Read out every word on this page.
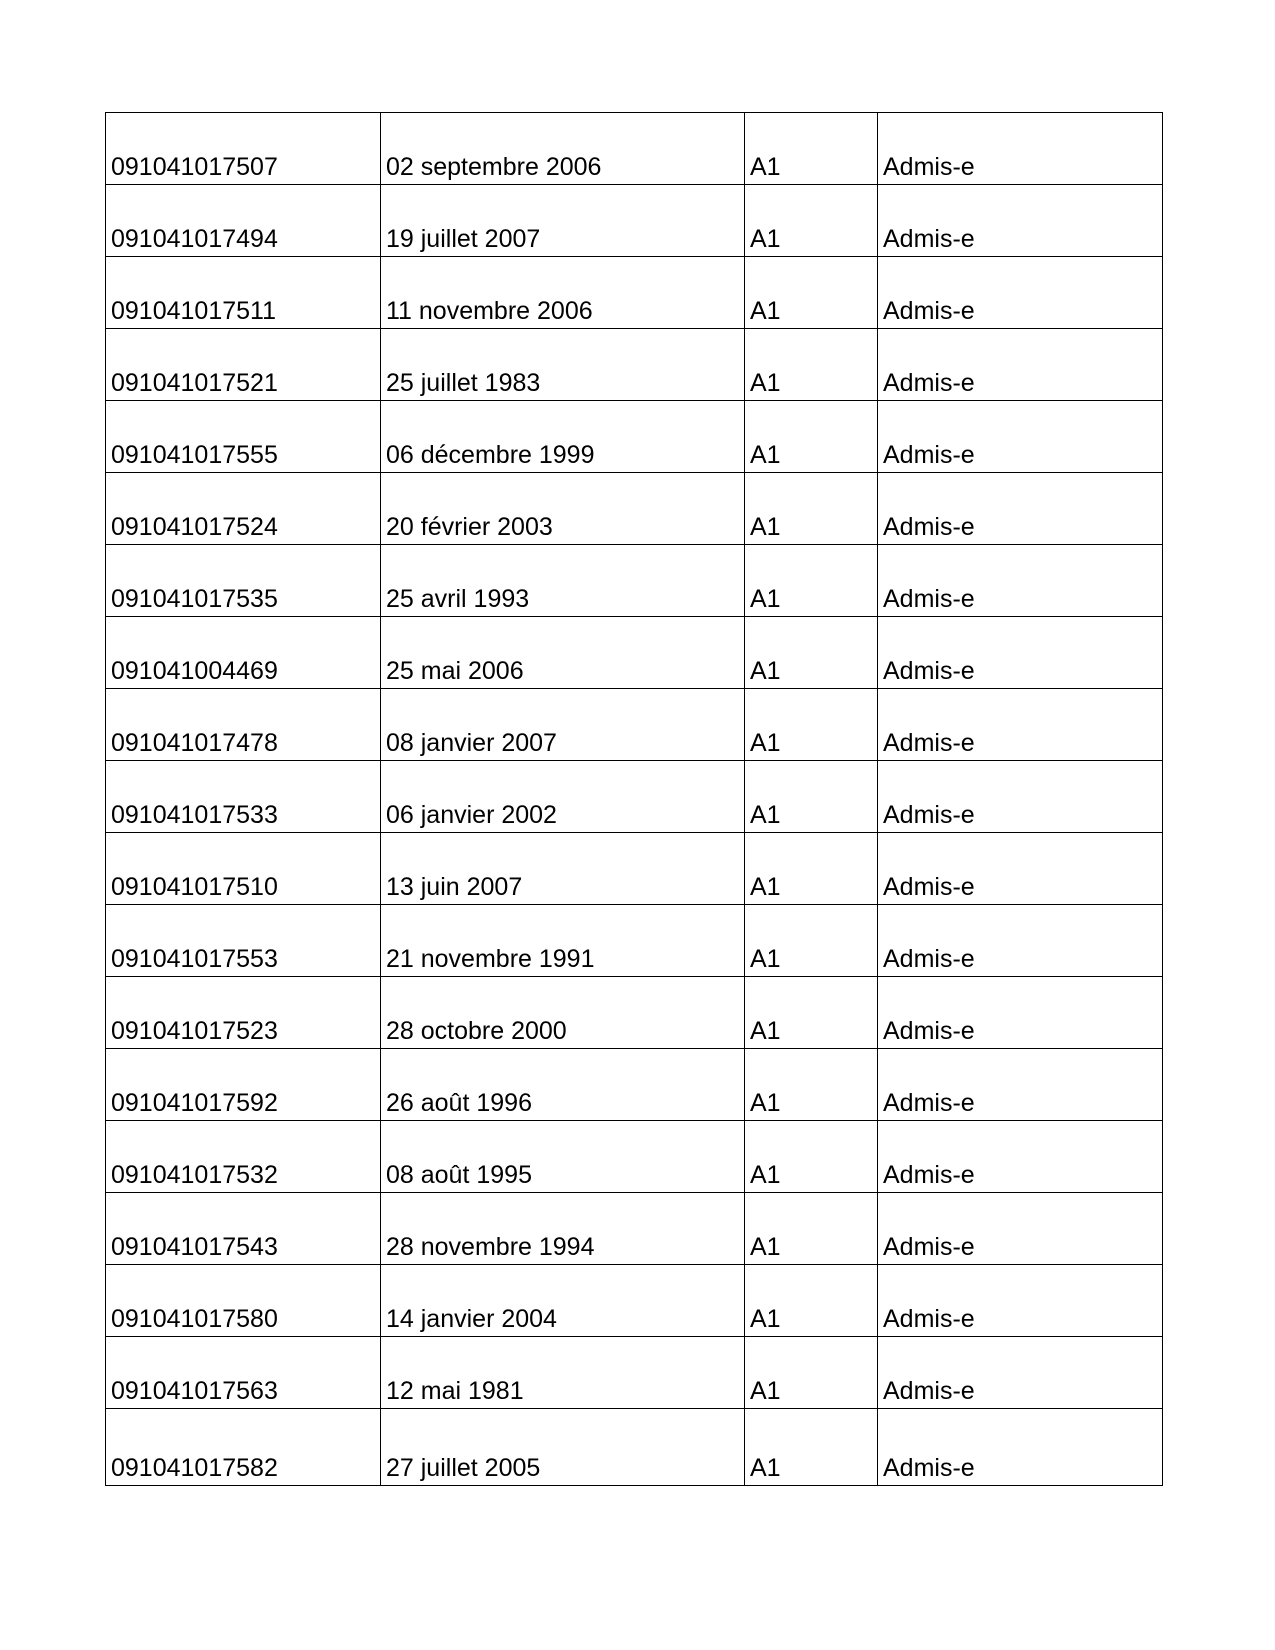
091041017507	02 septembre 2006	A1	Admis-e
091041017494	19 juillet 2007	A1	Admis-e
091041017511	11 novembre 2006	A1	Admis-e
091041017521	25 juillet 1983	A1	Admis-e
091041017555	06 décembre 1999	A1	Admis-e
091041017524	20 février 2003	A1	Admis-e
091041017535	25 avril 1993	A1	Admis-e
091041004469	25 mai 2006	A1	Admis-e
091041017478	08 janvier 2007	A1	Admis-e
091041017533	06 janvier 2002	A1	Admis-e
091041017510	13 juin 2007	A1	Admis-e
091041017553	21 novembre 1991	A1	Admis-e
091041017523	28 octobre 2000	A1	Admis-e
091041017592	26 août 1996	A1	Admis-e
091041017532	08 août 1995	A1	Admis-e
091041017543	28 novembre 1994	A1	Admis-e
091041017580	14 janvier 2004	A1	Admis-e
091041017563	12 mai 1981	A1	Admis-e
091041017582	27 juillet 2005	A1	Admis-e
